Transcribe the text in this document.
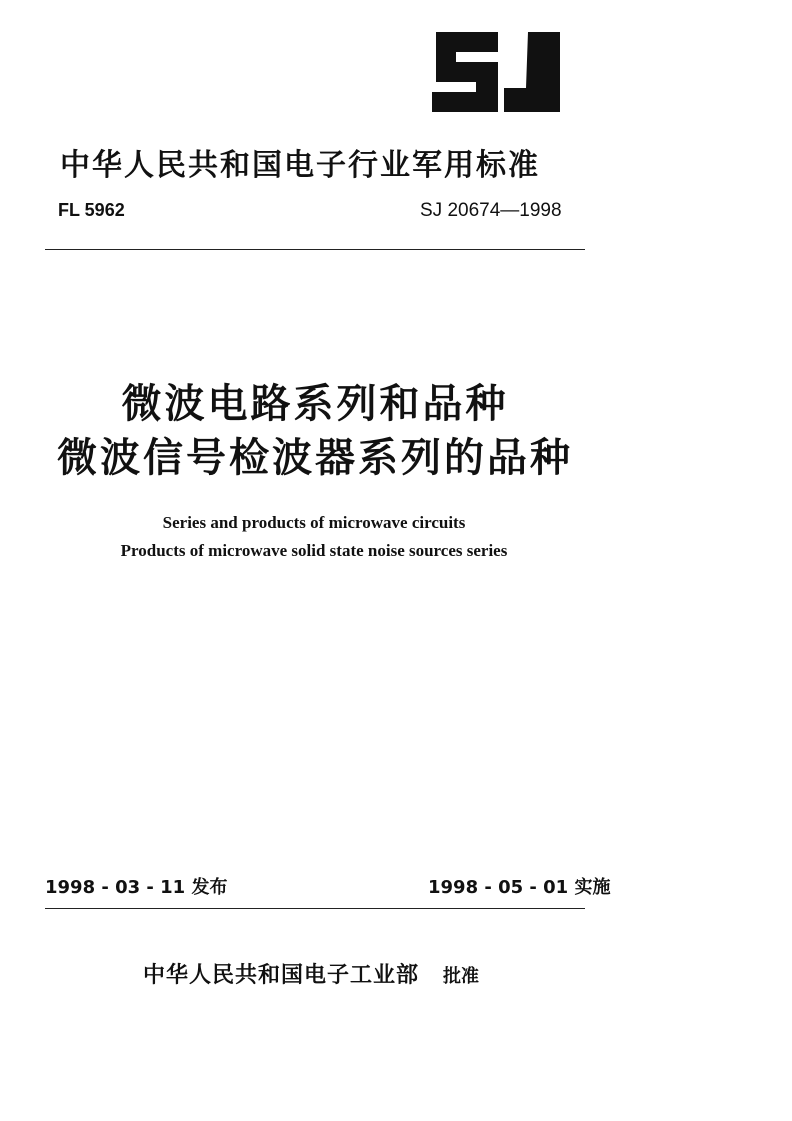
中华人民共和国电子行业军用标准
FL 5962	SJ 20674—1998
微波电路系列和品种
微波信号检波器系列的品种
Series and products of microwave circuits
Products of microwave solid state noise sources series
1998 - 03 - 11 发布	1998 - 05 - 01 实施
中华人民共和国电子工业部 批准
